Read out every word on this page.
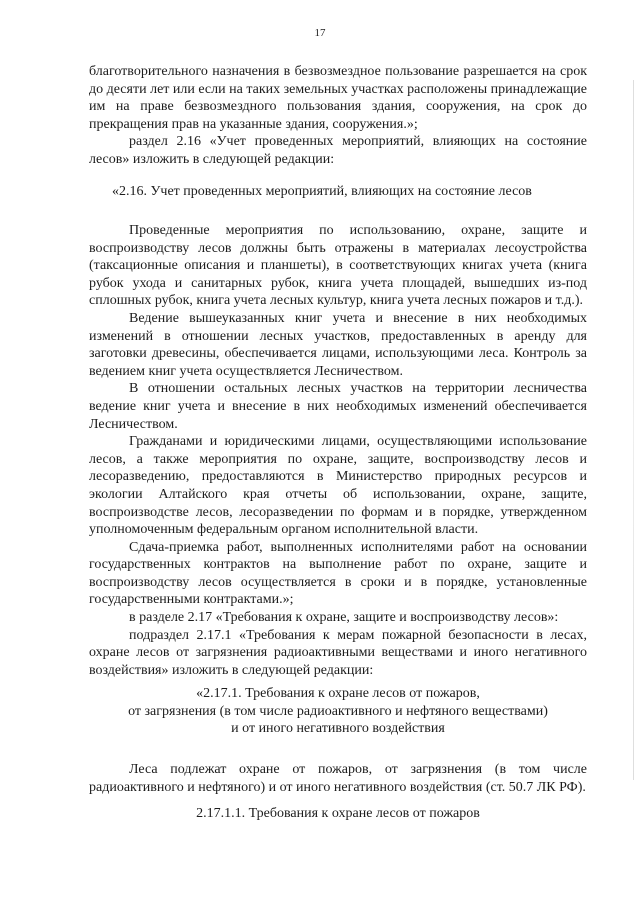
17

благотворительного назначения в безвозмездное пользование разрешается на срок до десяти лет или если на таких земельных участках расположены принадлежащие им на праве безвозмездного пользования здания, сооружения, на срок до прекращения прав на указанные здания, сооружения.»;

раздел 2.16 «Учет проведенных мероприятий, влияющих на состояние лесов» изложить в следующей редакции:

«2.16. Учет проведенных мероприятий, влияющих на состояние лесов

Проведенные мероприятия по использованию, охране, защите и воспроизводству лесов должны быть отражены в материалах лесоустройства (таксационные описания и планшеты), в соответствующих книгах учета (книга рубок ухода и санитарных рубок, книга учета площадей, вышедших из-под сплошных рубок, книга учета лесных культур, книга учета лесных пожаров и т.д.).

Ведение вышеуказанных книг учета и внесение в них необходимых изменений в отношении лесных участков, предоставленных в аренду для заготовки древесины, обеспечивается лицами, использующими леса. Контроль за ведением книг учета осуществляется Лесничеством.

В отношении остальных лесных участков на территории лесничества ведение книг учета и внесение в них необходимых изменений обеспечивается Лесничеством.

Гражданами и юридическими лицами, осуществляющими использование лесов, а также мероприятия по охране, защите, воспроизводству лесов и лесоразведению, предоставляются в Министерство природных ресурсов и экологии Алтайского края отчеты об использовании, охране, защите, воспроизводстве лесов, лесоразведении по формам и в порядке, утвержденном уполномоченным федеральным органом исполнительной власти.

Сдача-приемка работ, выполненных исполнителями работ на основании государственных контрактов на выполнение работ по охране, защите и воспроизводству лесов осуществляется в сроки и в порядке, установленные государственными контрактами.»;

в разделе 2.17 «Требования к охране, защите и воспроизводству лесов»:

подраздел 2.17.1 «Требования к мерам пожарной безопасности в лесах, охране лесов от загрязнения радиоактивными веществами и иного негативного воздействия» изложить в следующей редакции:

«2.17.1. Требования к охране лесов от пожаров,

от загрязнения (в том числе радиоактивного и нефтяного веществами)

и от иного негативного воздействия

Леса подлежат охране от пожаров, от загрязнения (в том числе радиоактивного и нефтяного) и от иного негативного воздействия (ст. 50.7 ЛК РФ).

2.17.1.1. Требования к охране лесов от пожаров
